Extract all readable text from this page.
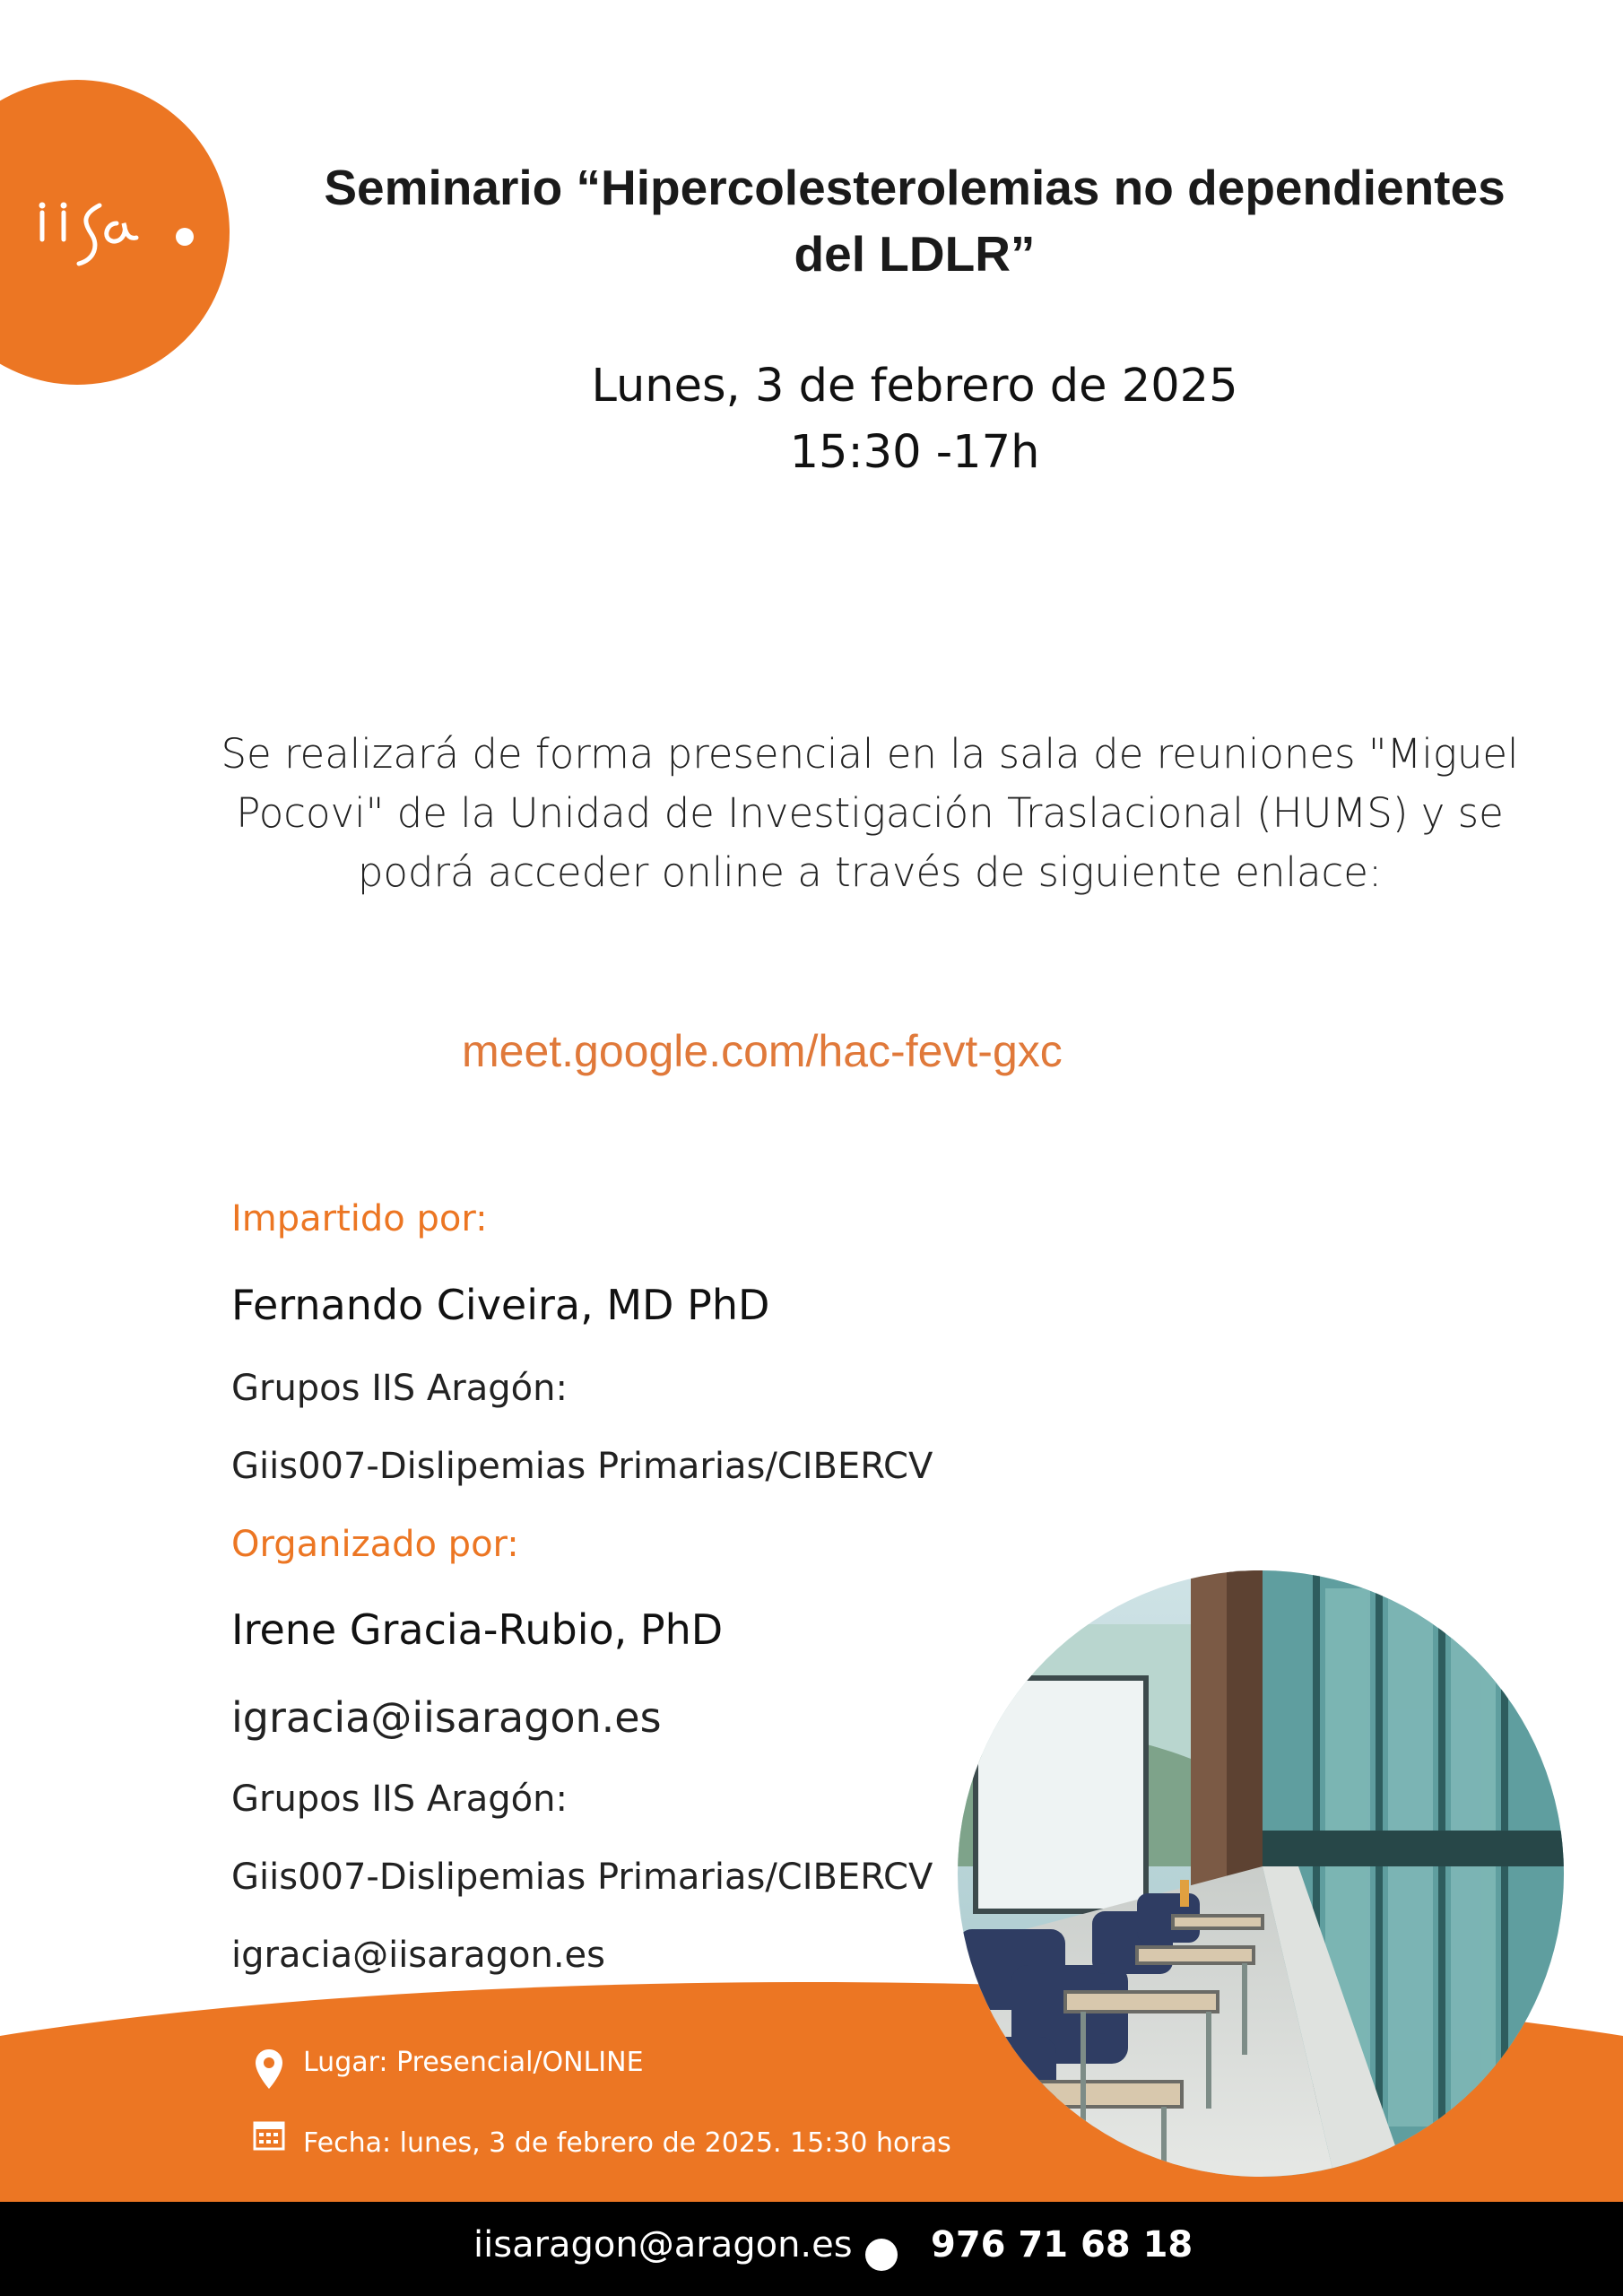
Seminario “Hipercolesterolemias no dependientes
del LDLR”
Lunes, 3 de febrero de 2025
15:30 -17h
Se realizará de forma presencial en la sala de reuniones "Miguel
Pocovi" de la Unidad de Investigación Traslacional (HUMS) y se
podrá acceder online a través de siguiente enlace:
meet.google.com/hac-fevt-gxc
Impartido por:
Fernando Civeira, MD PhD
Grupos IIS Aragón:
Giis007-Dislipemias Primarias/CIBERCV
Organizado por:
Irene Gracia-Rubio, PhD
igracia@iisaragon.es
Grupos IIS Aragón:
Giis007-Dislipemias Primarias/CIBERCV
igracia@iisaragon.es
Lugar: Presencial/ONLINE
Fecha: lunes, 3 de febrero de 2025. 15:30 horas
iisaragon@aragon.es 976 71 68 18
